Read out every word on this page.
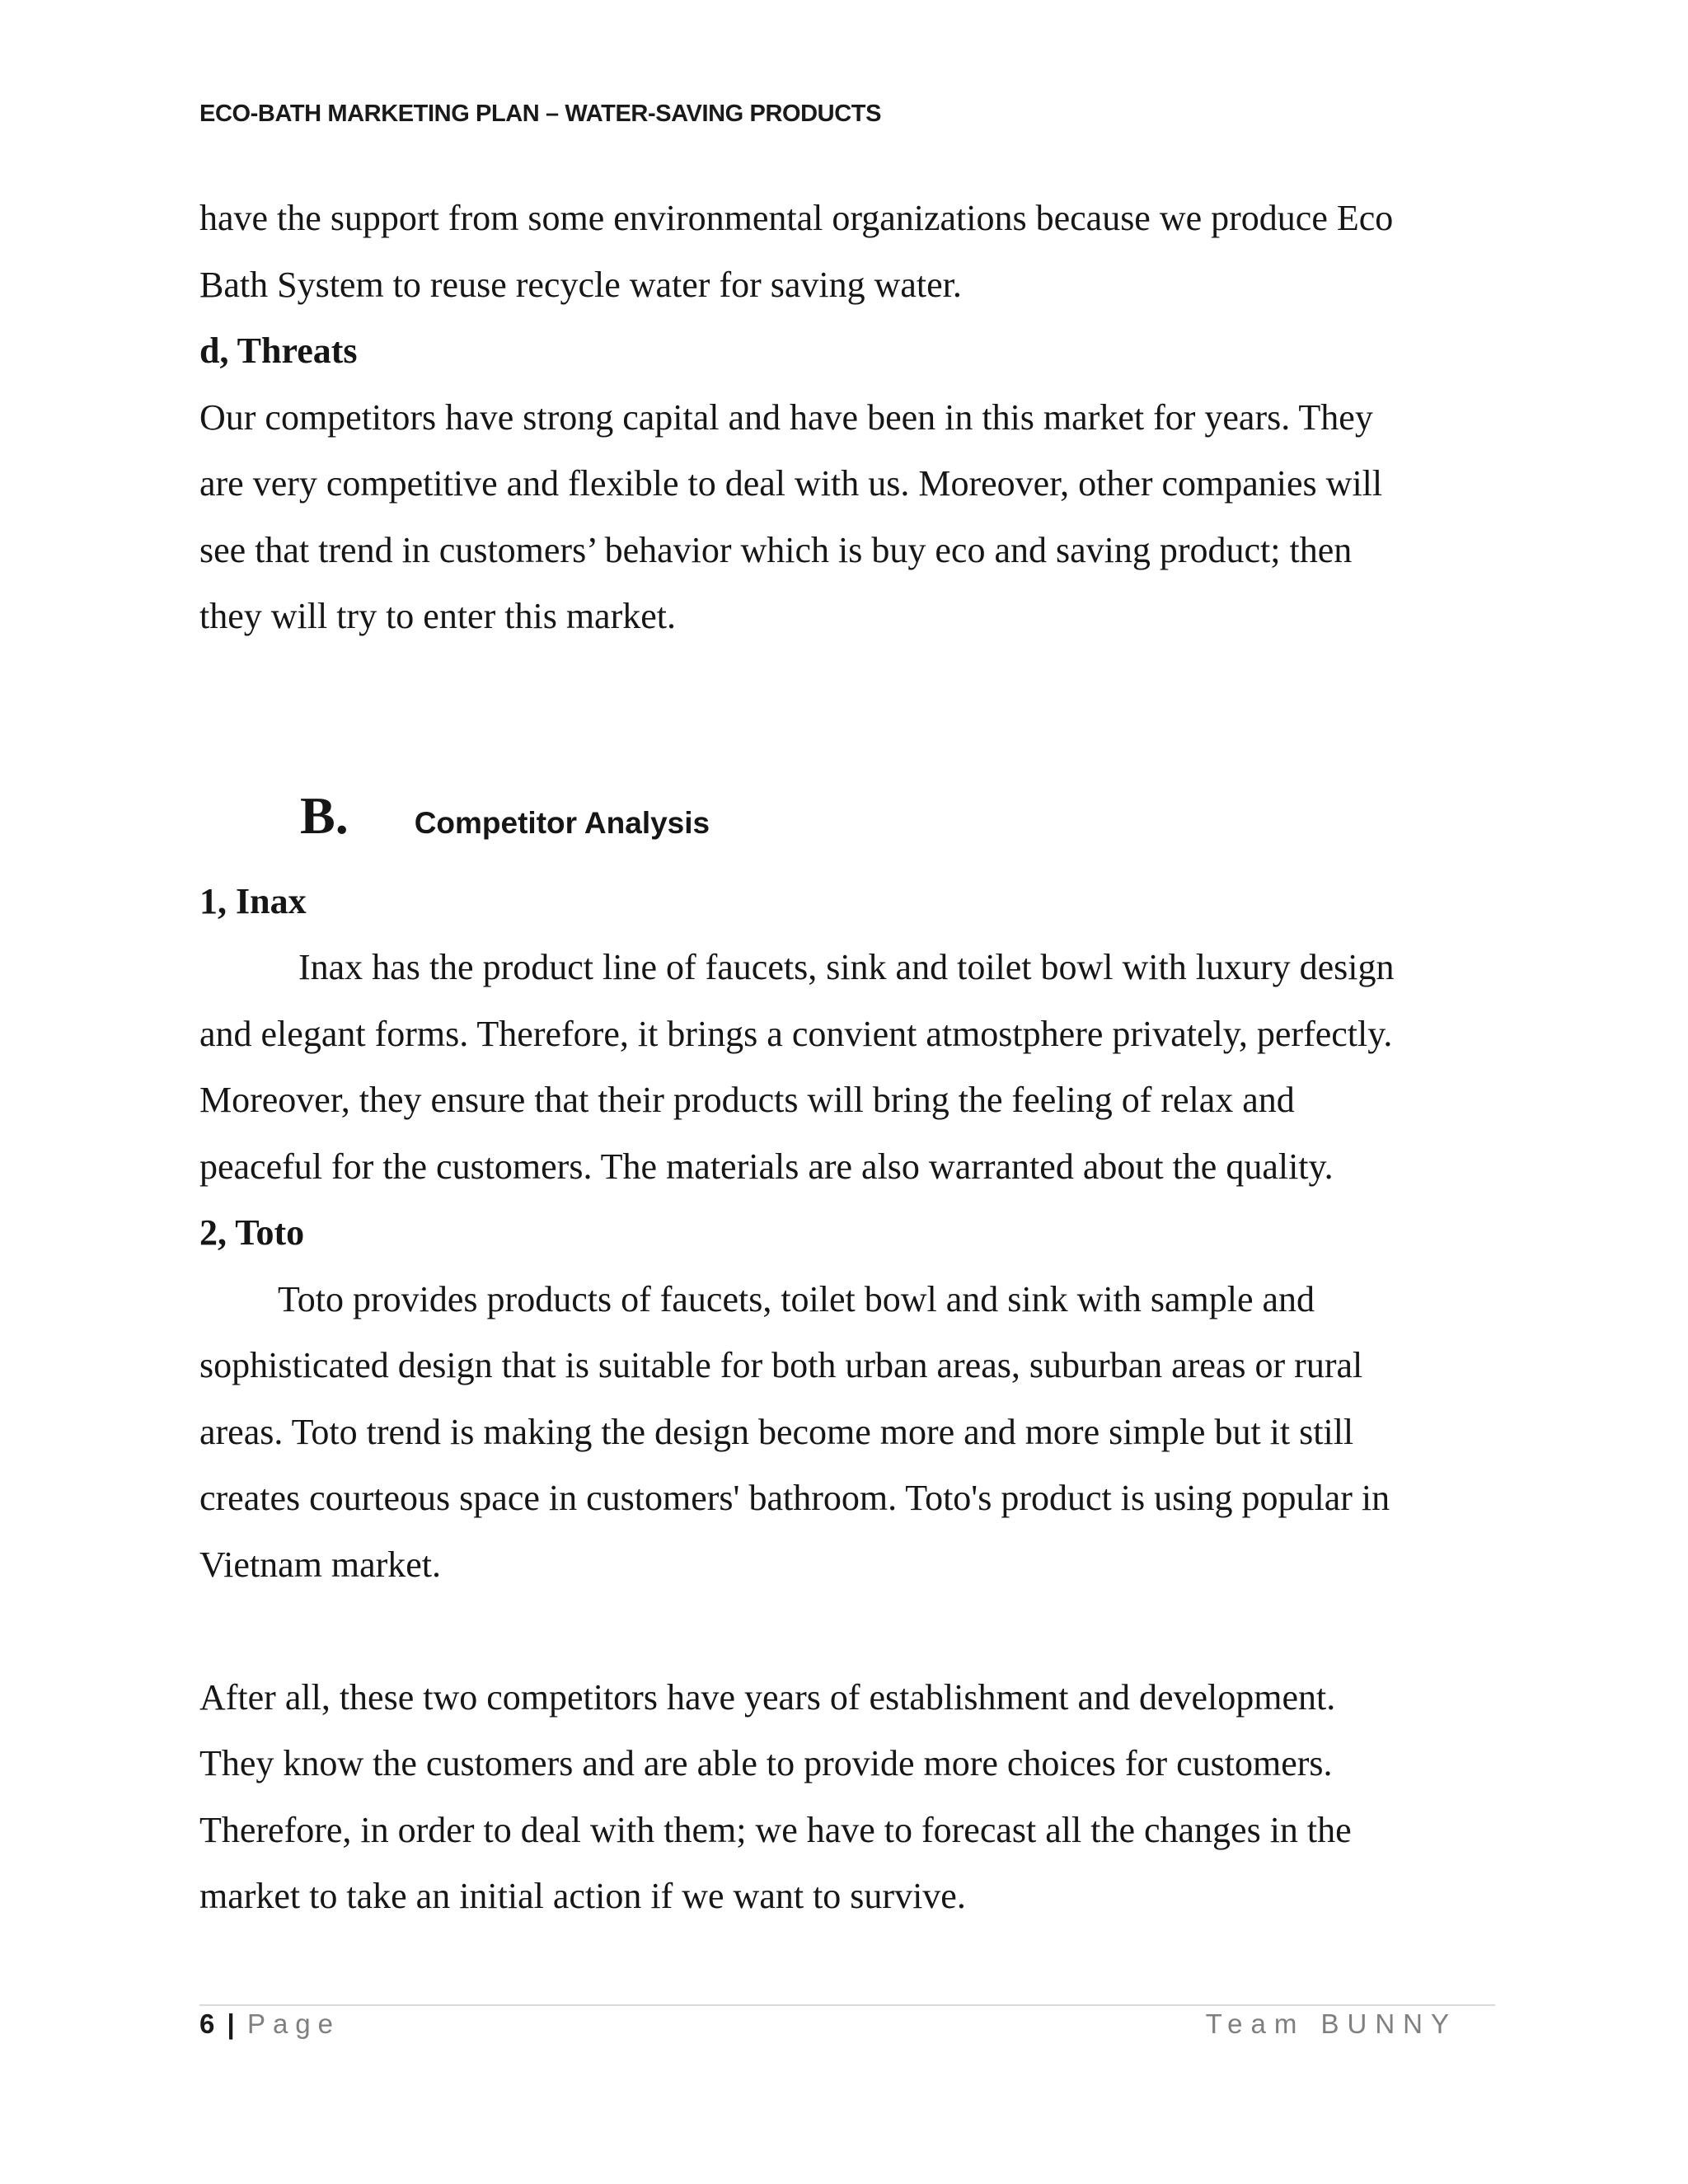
ECO-BATH MARKETING PLAN – WATER-SAVING PRODUCTS
have the support from some environmental organizations because we produce Eco
Bath System to reuse recycle water for saving water.
d, Threats
Our competitors have strong capital and have been in this market for years. They
are very competitive and flexible to deal with us. Moreover, other companies will
see that trend in customers’ behavior which is buy eco and saving product; then
they will try to enter this market.
B. Competitor Analysis
1, Inax
Inax has the product line of faucets, sink and toilet bowl with luxury design
and elegant forms. Therefore, it brings a convient atmostphere privately, perfectly.
Moreover, they ensure that their products will bring the feeling of relax and
peaceful for the customers. The materials are also warranted about the quality.
2, Toto
Toto provides products of faucets, toilet bowl and sink with sample and
sophisticated design that is suitable for both urban areas, suburban areas or rural
areas. Toto trend is making the design become more and more simple but it still
creates courteous space in customers' bathroom. Toto's product is using popular in
Vietnam market.
After all, these two competitors have years of establishment and development.
They know the customers and are able to provide more choices for customers.
Therefore, in order to deal with them; we have to forecast all the changes in the
market to take an initial action if we want to survive.
6 | Page	Team BUNNY
